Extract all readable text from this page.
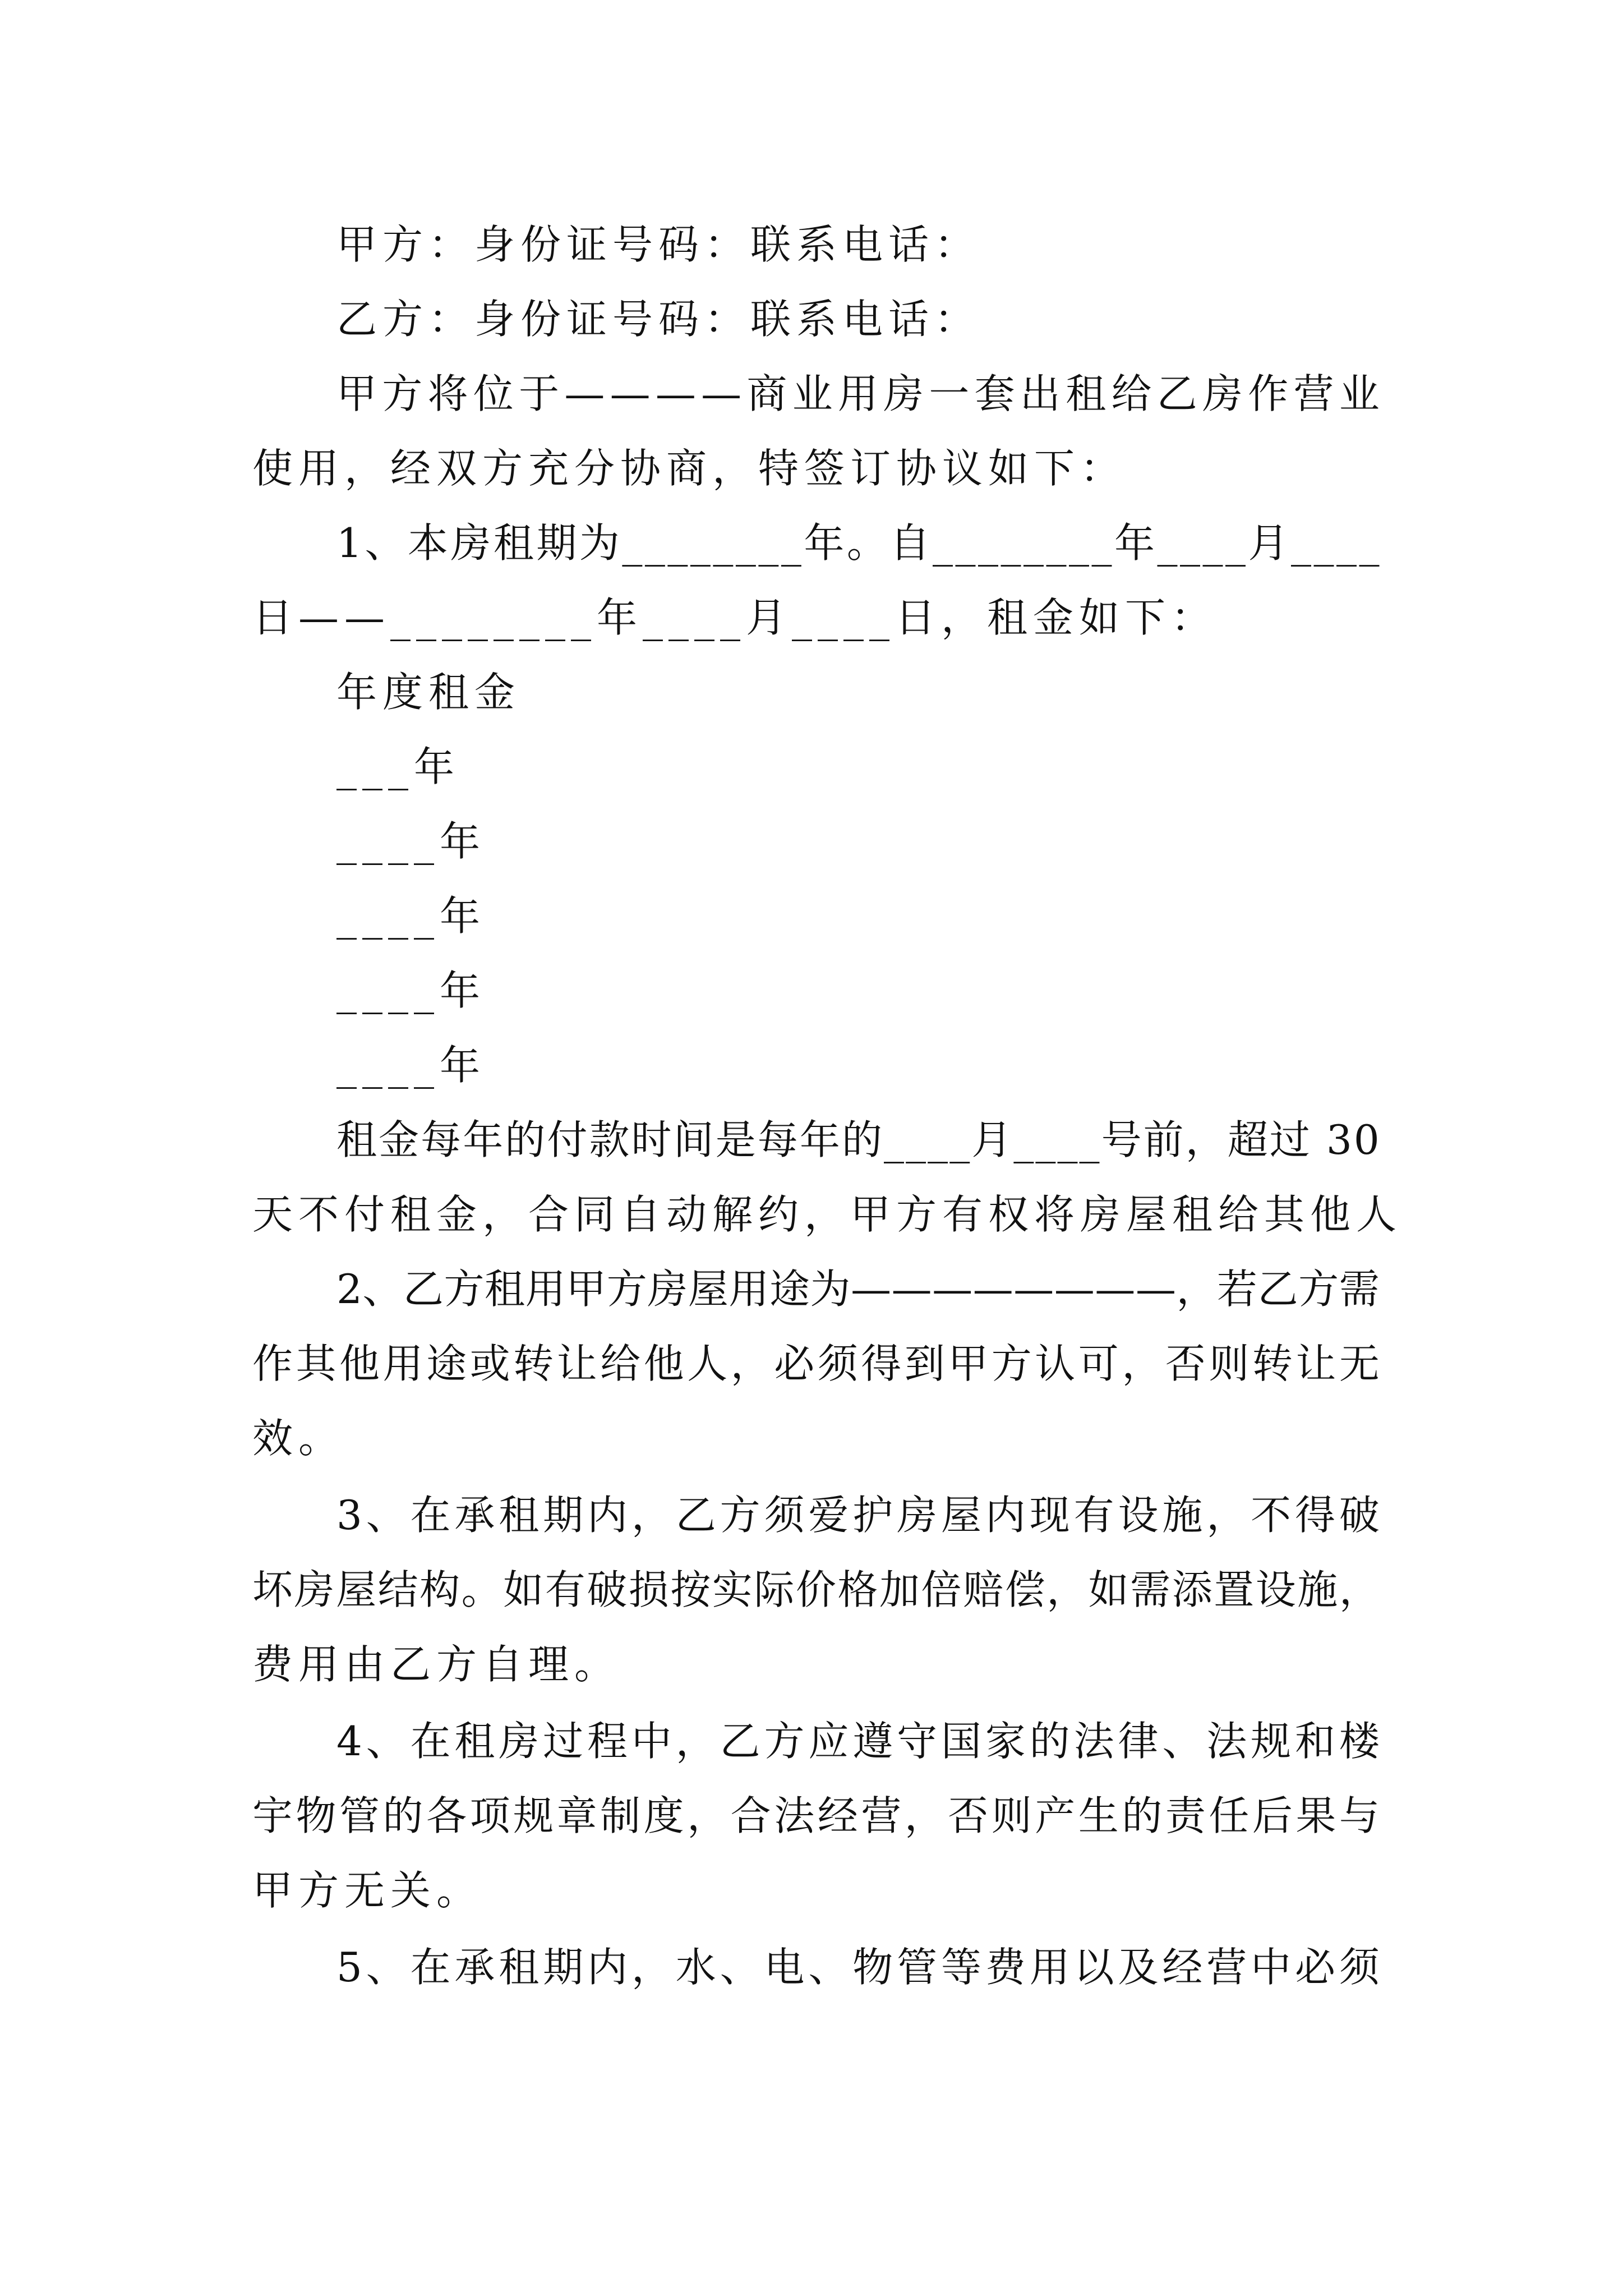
甲方：身份证号码：联系电话：

乙方：身份证号码：联系电话：

甲 方 将 位 于 — — — — 商 业 用 房 一 套 出 租 给 乙 房 作 营 业

使用，经双方充分协商，特签订协议如下：

1 、 本 房 租 期 为 _ _ _ _ _ _ _ _ 年 。 自 _ _ _ _ _ _ _ _ 年 _ _ _ _ 月 _ _ _ _

日——________年____月____日，租金如下：

年度租金

___年

____年

____年

____年

____年

租 金 每 年 的 付 款 时 间 是 每 年 的 _ _ _ _ 月 _ _ _ _ 号 前 ， 超 过
3 0

天不付租金，合同自动解约，甲方有权将房屋租给其他人

2 、 乙 方 租 用 甲 方 房 屋 用 途 为 — — — — — — — — ， 若 乙 方 需

作 其 他 用 途 或 转 让 给 他 人 ， 必 须 得 到 甲 方 认 可 ， 否 则 转 让 无

效。

3 、 在 承 租 期 内 ， 乙 方 须 爱 护 房 屋 内 现 有 设 施 ， 不 得 破

坏 房 屋 结 构 。 如 有 破 损 按 实 际 价 格 加 倍 赔 偿 ， 如 需 添 置 设 施 ，

费用由乙方自理。

4 、 在 租 房 过 程 中 ， 乙 方 应 遵 守 国 家 的 法 律 、 法 规 和 楼

宇 物 管 的 各 项 规 章 制 度 ， 合 法 经 营 ， 否 则 产 生 的 责 任 后 果 与

甲方无关。

5 、 在 承 租 期 内 ， 水 、 电 、 物 管 等 费 用 以 及 经 营 中 必 须
